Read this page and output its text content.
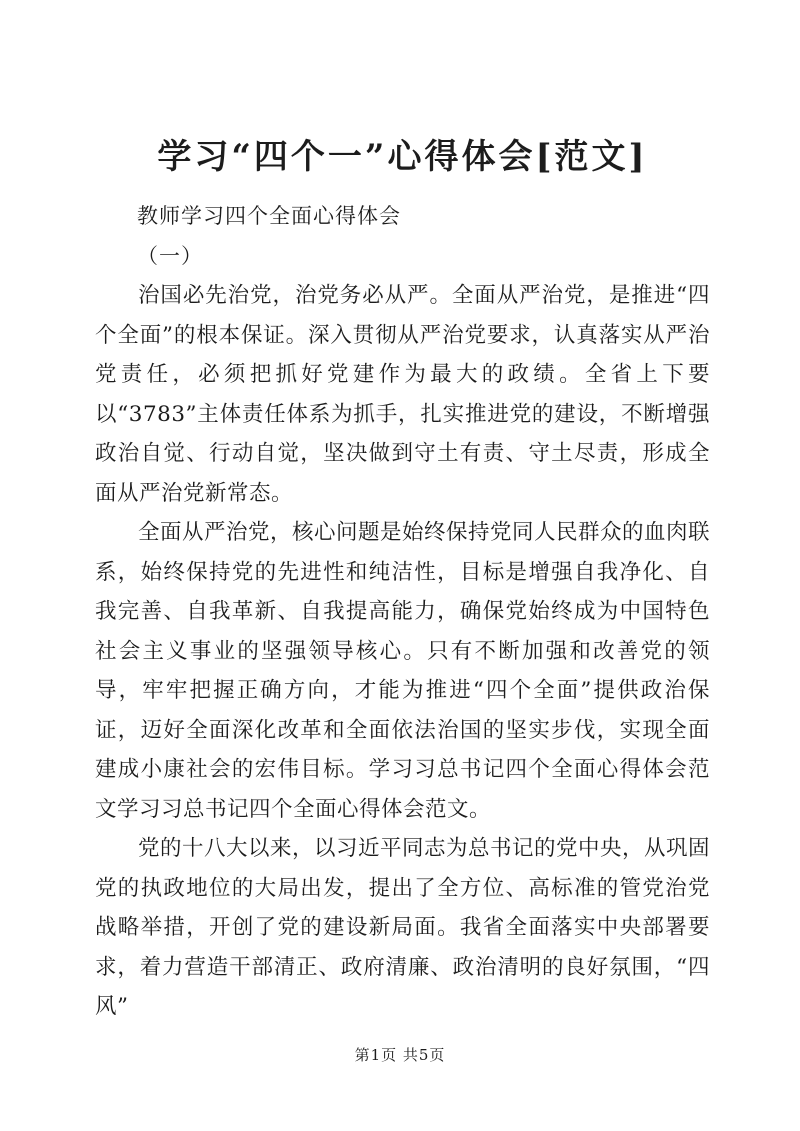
学习“四个一”心得体会[范文]

教师学习四个全面心得体会

（一）

治国必先治党，治党务必从严。全面从严治党，是推进“四个全面”的根本保证。深入贯彻从严治党要求，认真落实从严治党责任，必须把抓好党建作为最大的政绩。全省上下要以“3783”主体责任体系为抓手，扎实推进党的建设，不断增强政治自觉、行动自觉，坚决做到守土有责、守土尽责，形成全面从严治党新常态。

全面从严治党，核心问题是始终保持党同人民群众的血肉联系，始终保持党的先进性和纯洁性，目标是增强自我净化、自我完善、自我革新、自我提高能力，确保党始终成为中国特色社会主义事业的坚强领导核心。只有不断加强和改善党的领导，牢牢把握正确方向，才能为推进“四个全面”提供政治保证，迈好全面深化改革和全面依法治国的坚实步伐，实现全面建成小康社会的宏伟目标。学习习总书记四个全面心得体会范文学习习总书记四个全面心得体会范文。

党的十八大以来，以习近平同志为总书记的党中央，从巩固党的执政地位的大局出发，提出了全方位、高标准的管党治党战略举措，开创了党的建设新局面。我省全面落实中央部署要求，着力营造干部清正、政府清廉、政治清明的良好氛围，“四风”

第1页 共5页
